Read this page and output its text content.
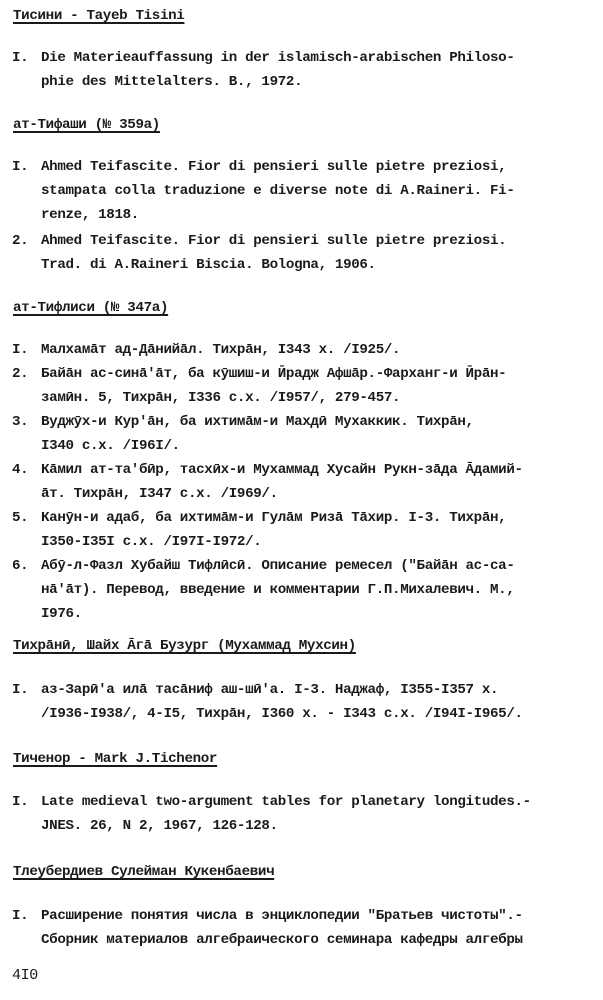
Тисини - Tayeb Tisini
I. Die Materieauffassung in der islamisch-arabischen Philoso-
phie des Mittelalters. B., 1972.
ат-Тифаши (№ 359а)
I. Ahmed Teifascite. Fior di pensieri sulle pietre preziosi,
stampata colla traduzione e diverse note di A.Raineri. Fi-
renze, 1818.
2. Ahmed Teifascite. Fior di pensieri sulle pietre preziosi.
Trad. di A.Raineri Biscia. Bologna, 1906.
ат-Тифлиси (№ 347а)
I. Малхамāт ад-Дāнийāл. Тихрāн, I343 х. /I925/.
2. Байāн ас-синā'āт, ба кӯшиш-и Ӣрадж Афшāр.-Фарханг-и Ӣрāн-
замӣн. 5, Тихрāн, I336 с.х. /I957/, 279-457.
3. Вуджӯх-и Кур'āн, ба ихтимāм-и Махдӣ Мухаккик. Тихрāн,
I340 с.х. /I96I/.
4. Кāмил ат-та'бӣр, тасхӣх-и Мухаммад Хусайн Рукн-зāда Āдамий-
āт. Тихрāн, I347 с.х. /I969/.
5. Канӯн-и адаб, ба ихтимāм-и Гулāм Ризā Тāхир. I-3. Тихрāн,
I350-I35I с.х. /I97I-I972/.
6. Абӯ-л-Фазл Хубайш Тифлӣсӣ. Описание ремесел ("Байāн ас-са-
нā'āт). Перевод, введение и комментарии Г.П.Михалевич. М.,
I976.
Тихрāнӣ, Шайх Āгā Бузург (Мухаммад Мухсин)
I. аз-Зарӣ'а илā тасāниф аш-шӣ'а. I-3. Наджаф, I355-I357 х.
/I936-I938/, 4-I5, Тихрāн, I360 х. - I343 с.х. /I94I-I965/.
Тиченор - Mark J.Tichenor
I. Late medieval two-argument tables for planetary longitudes.-
JNES. 26, N 2, 1967, 126-128.
Тлеубердиев Сулейман Кукенбаевич
I. Расширение понятия числа в энциклопедии "Братьев чистоты".-
Сборник материалов алгебраического семинара кафедры алгебры
4I0
